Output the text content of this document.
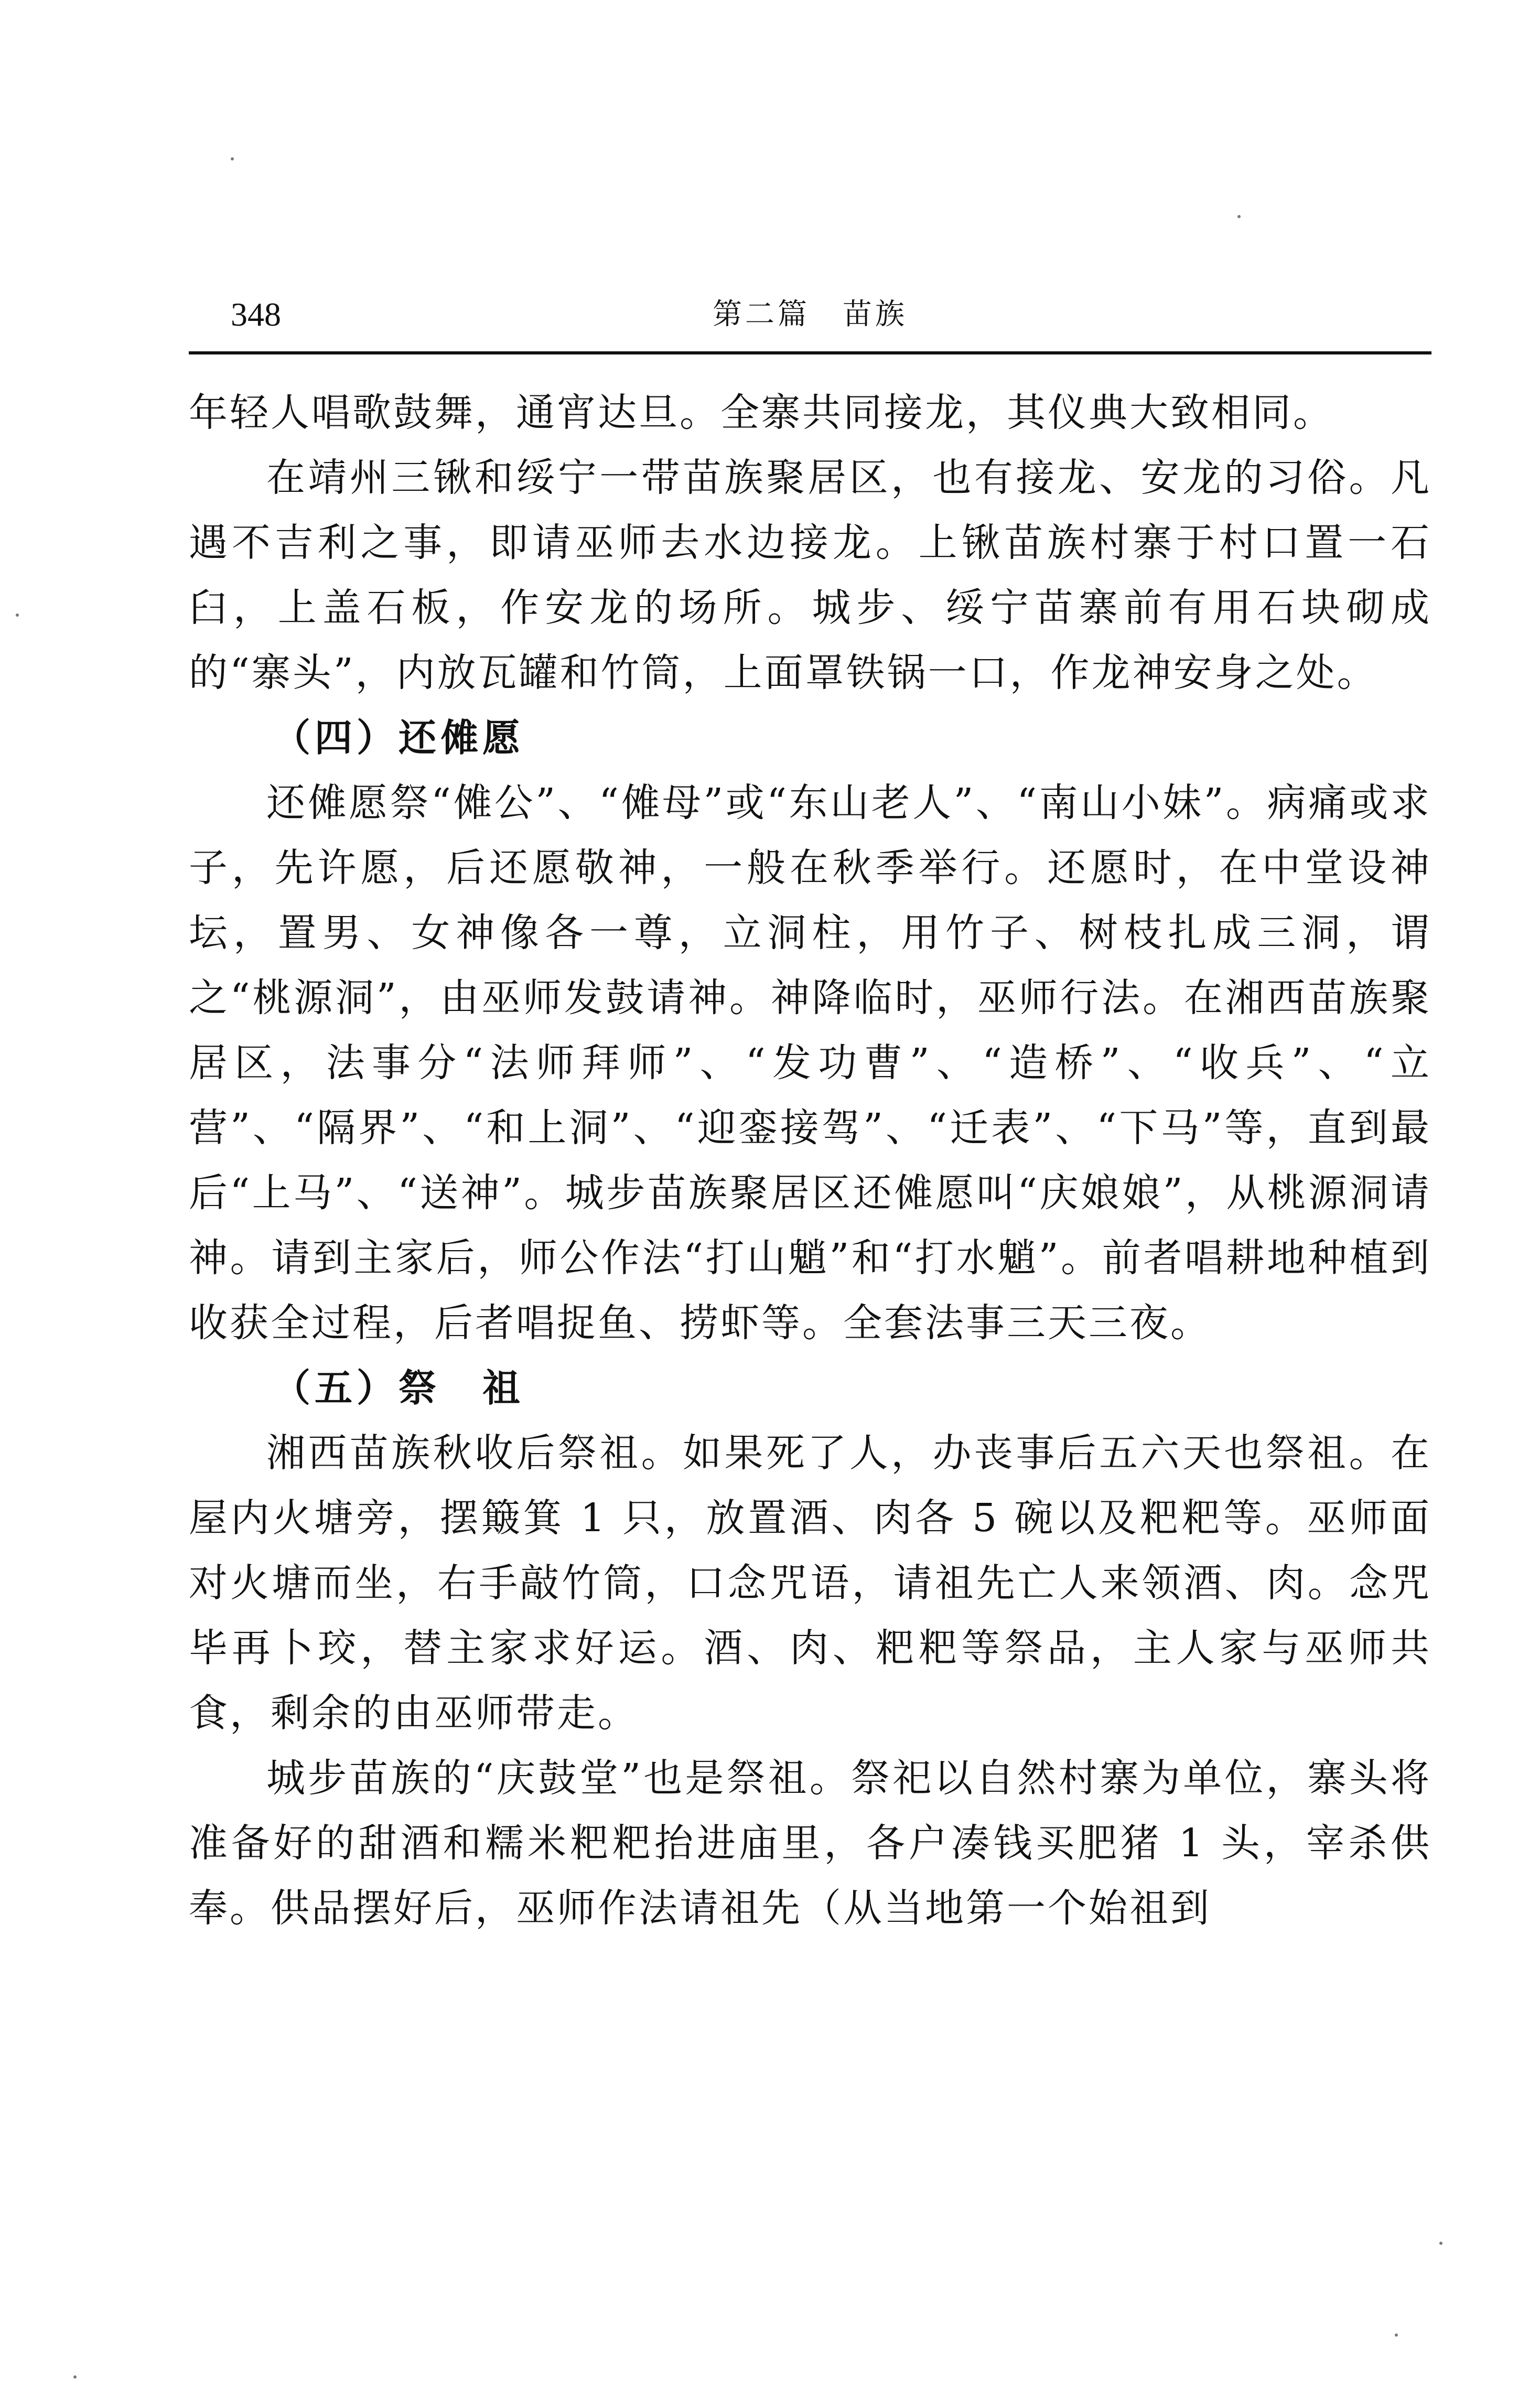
348	第二篇　苗族

年轻人唱歌鼓舞，通宵达旦。全寨共同接龙，其仪典大致相同。

在靖州三锹和绥宁一带苗族聚居区，也有接龙、安龙的习俗。凡遇不吉利之事，即请巫师去水边接龙。上锹苗族村寨于村口置一石臼，上盖石板，作安龙的场所。城步、绥宁苗寨前有用石块砌成的“寨头”，内放瓦罐和竹筒，上面罩铁锅一口，作龙神安身之处。

（四）还傩愿

还傩愿祭“傩公”、“傩母”或“东山老人”、“南山小妹”。病痛或求子，先许愿，后还愿敬神，一般在秋季举行。还愿时，在中堂设神坛，置男、女神像各一尊，立洞柱，用竹子、树枝扎成三洞，谓之“桃源洞”，由巫师发鼓请神。神降临时，巫师行法。在湘西苗族聚居区，法事分“法师拜师”、“发功曹”、“造桥”、“收兵”、“立营”、“隔界”、“和上洞”、“迎銮接驾”、“迁表”、“下马”等，直到最后“上马”、“送神”。城步苗族聚居区还傩愿叫“庆娘娘”，从桃源洞请神。请到主家后，师公作法“打山魈”和“打水魈”。前者唱耕地种植到收获全过程，后者唱捉鱼、捞虾等。全套法事三天三夜。

（五）祭　祖

湘西苗族秋收后祭祖。如果死了人，办丧事后五六天也祭祖。在屋内火塘旁，摆簸箕 1 只，放置酒、肉各 5 碗以及粑粑等。巫师面对火塘而坐，右手敲竹筒，口念咒语，请祖先亡人来领酒、肉。念咒毕再卜珓，替主家求好运。酒、肉、粑粑等祭品，主人家与巫师共食，剩余的由巫师带走。

城步苗族的“庆鼓堂”也是祭祖。祭祀以自然村寨为单位，寨头将准备好的甜酒和糯米粑粑抬进庙里，各户凑钱买肥猪 1 头，宰杀供奉。供品摆好后，巫师作法请祖先（从当地第一个始祖到
